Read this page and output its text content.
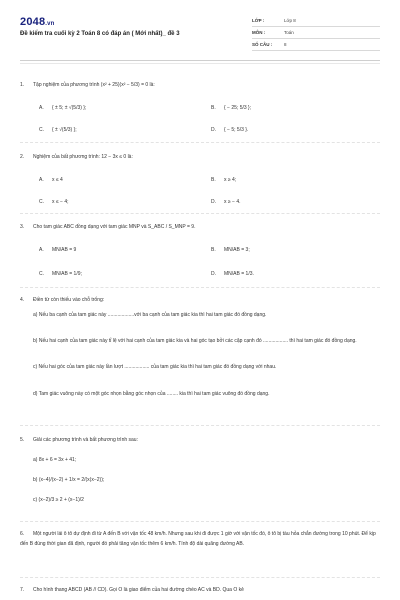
2048.vn
Đề kiểm tra cuối kỳ 2 Toán 8 có đáp án ( Mới nhất)_ đề 3
LỚP :	Lớp 8
MÔN :	Toán
SỐ CÂU :	8
1. Tập nghiệm của phương trình (x² + 25)(x² − 5/3) = 0 là:
A. { ± 5; ± √(5/3) };	B. { − 25; 5/3 };
C. { ± √(5/3) };	D. { − 5; 5/3 }.
2. Nghiệm của bất phương trình: 12 − 3x ≤ 0 là:
A. x ≤ 4	B. x ≥ 4;
C. x ≤ − 4;	D. x ≥ − 4.
3. Cho tam giác ABC đồng dạng với tam giác MNP và S_ABC / S_MNP = 9.
A. MN/AB = 9	B. MN/AB = 3;
C. MN/AB = 1/9;	D. MN/AB = 1/3.
4. Điền từ còn thiếu vào chỗ trống:
a) Nếu ba cạnh của tam giác này ...................với ba cạnh của tam giác kia thì hai tam giác đó đồng dạng.
b) Nếu hai cạnh của tam giác này tỉ lệ với hai cạnh của tam giác kia và hai góc tạo bởi các cặp cạnh đó .................. thì hai tam giác đó đồng dạng.
c) Nếu hai góc của tam giác này lần lượt .................. của tam giác kia thì hai tam giác đó đồng dạng với nhau.
d) Tam giác vuông này có một góc nhọn bằng góc nhọn của ........ kia thì hai tam giác vuông đó đồng dạng.
5. Giải các phương trình và bất phương trình sau:
a) 8x + 6 = 3x + 41;
b) (x−4)/(x−2) + 1/x = 2/(x(x−2));
c) (x−2)/3 ≥ 2 + (x−1)/2
6.	Một người lái ô tô dự định đi từ A đến B với vận tốc 48 km/h. Nhưng sau khi đi được 1 giờ với vận tốc đó, ô tô bị tàu hỏa chắn đường trong 10 phút. Để kịp đến B đúng thời gian đã định, người đó phải tăng vận tốc thêm 6 km/h. Tính độ dài quãng đường AB.
7. Cho hình thang ABCD (AB // CD). Gọi O là giao điểm của hai đường chéo AC và BD. Qua O kẻ
